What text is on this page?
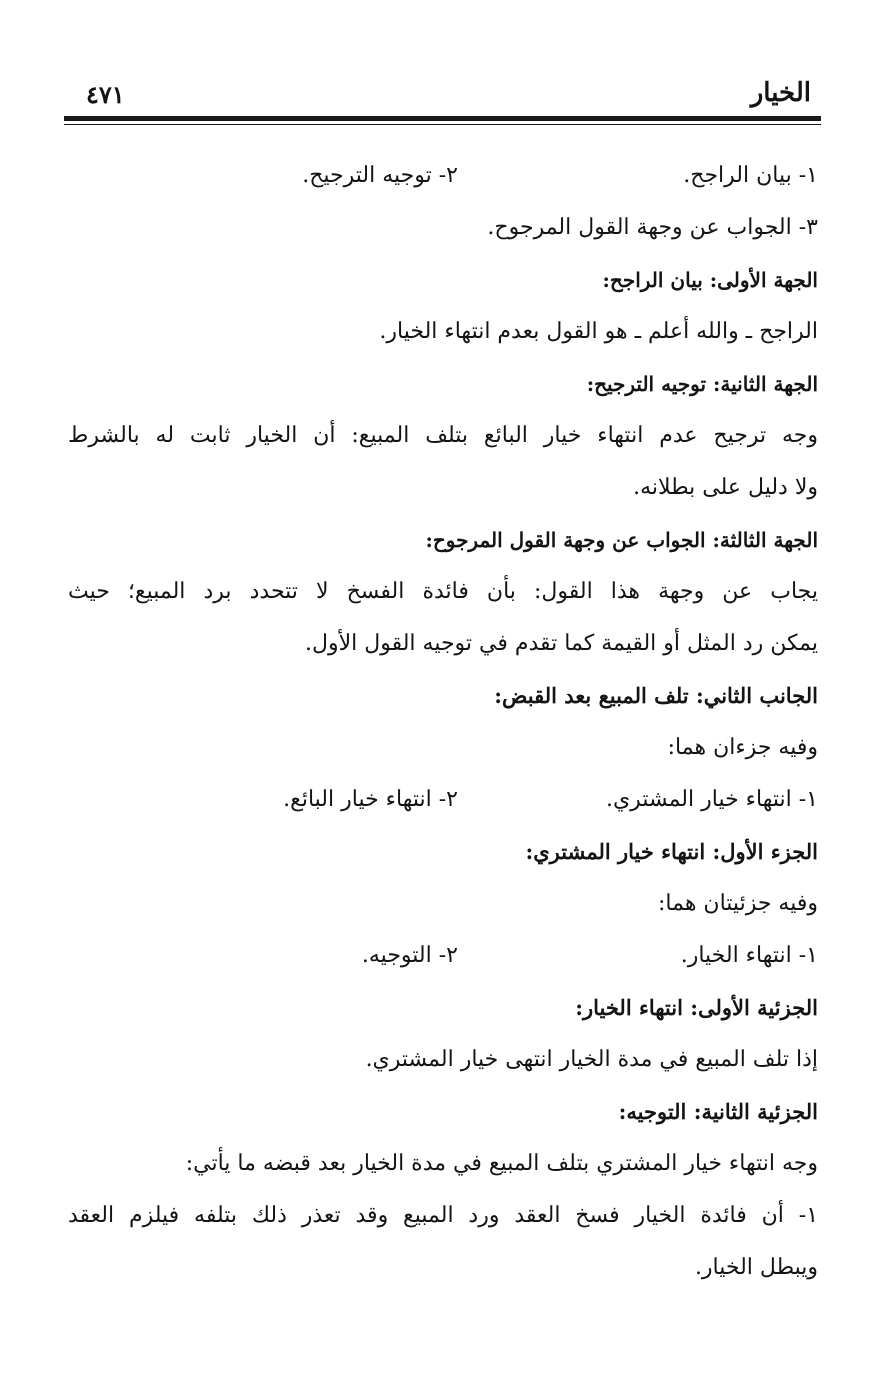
الخيار
٤٧١
١- بيان الراجح.
٢- توجيه الترجيح.
٣- الجواب عن وجهة القول المرجوح.
الجهة الأولى: بيان الراجح:
الراجح ـ والله أعلم ـ هو القول بعدم انتهاء الخيار.
الجهة الثانية: توجيه الترجيح:
وجه ترجيح عدم انتهاء خيار البائع بتلف المبيع: أن الخيار ثابت له بالشرط
ولا دليل على بطلانه.
الجهة الثالثة: الجواب عن وجهة القول المرجوح:
يجاب عن وجهة هذا القول: بأن فائدة الفسخ لا تتحدد برد المبيع؛ حيث
يمكن رد المثل أو القيمة كما تقدم في توجيه القول الأول.
الجانب الثاني: تلف المبيع بعد القبض:
وفيه جزءان هما:
١- انتهاء خيار المشتري.
٢- انتهاء خيار البائع.
الجزء الأول: انتهاء خيار المشتري:
وفيه جزئيتان هما:
١- انتهاء الخيار.
٢- التوجيه.
الجزئية الأولى: انتهاء الخيار:
إذا تلف المبيع في مدة الخيار انتهى خيار المشتري.
الجزئية الثانية: التوجيه:
وجه انتهاء خيار المشتري بتلف المبيع في مدة الخيار بعد قبضه ما يأتي:
١- أن فائدة الخيار فسخ العقد ورد المبيع وقد تعذر ذلك بتلفه فيلزم العقد
ويبطل الخيار.
